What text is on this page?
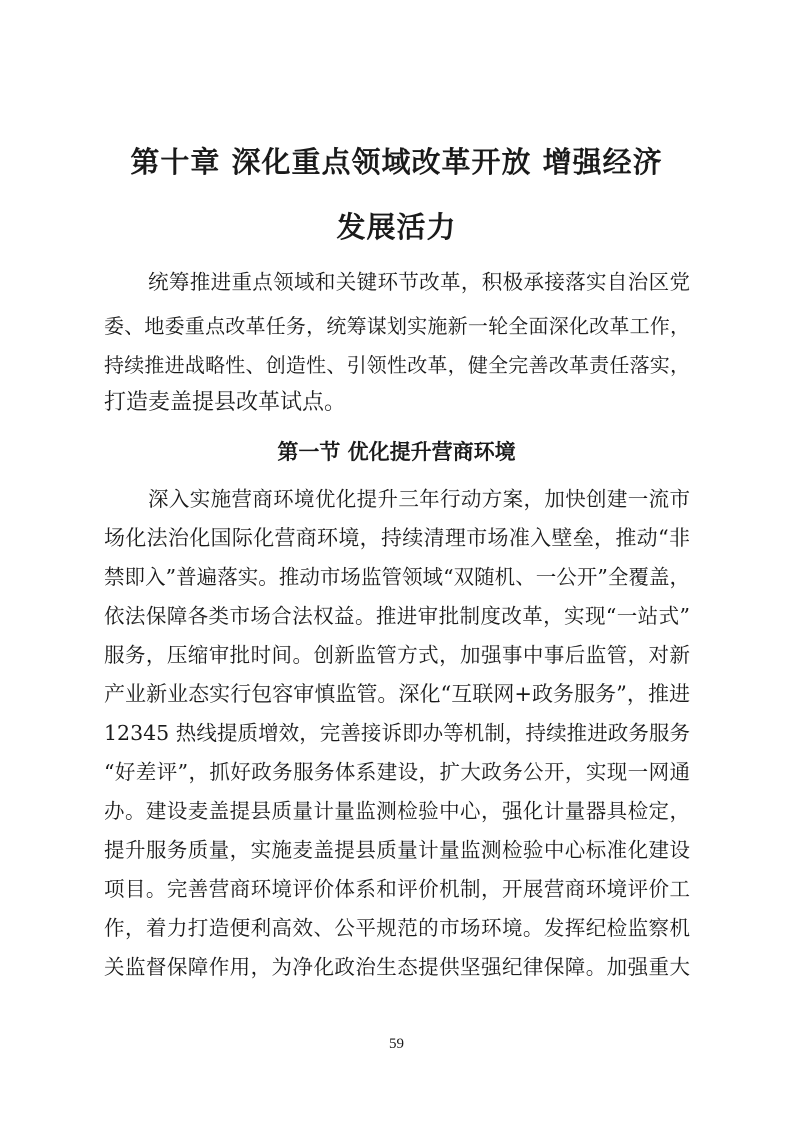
第十章 深化重点领域改革开放 增强经济
发展活力

统筹推进重点领域和关键环节改革，积极承接落实自治区党

委、地委重点改革任务，统筹谋划实施新一轮全面深化改革工作，

持续推进战略性、创造性、引领性改革，健全完善改革责任落实，

打造麦盖提县改革试点。

第一节 优化提升营商环境

深入实施营商环境优化提升三年行动方案，加快创建一流市

场化法治化国际化营商环境，持续清理市场准入壁垒，推动“非

禁即入”普遍落实。推动市场监管领域“双随机、一公开”全覆盖，

依法保障各类市场合法权益。推进审批制度改革，实现“一站式”

服务，压缩审批时间。创新监管方式，加强事中事后监管，对新

产业新业态实行包容审慎监管。深化“互联网+政务服务”，推进

12345 热线提质增效，完善接诉即办等机制，持续推进政务服务

“好差评”，抓好政务服务体系建设，扩大政务公开，实现一网通

办。建设麦盖提县质量计量监测检验中心，强化计量器具检定，

提升服务质量，实施麦盖提县质量计量监测检验中心标准化建设

项目。完善营商环境评价体系和评价机制，开展营商环境评价工

作，着力打造便利高效、公平规范的市场环境。发挥纪检监察机

关监督保障作用，为净化政治生态提供坚强纪律保障。加强重大

59
